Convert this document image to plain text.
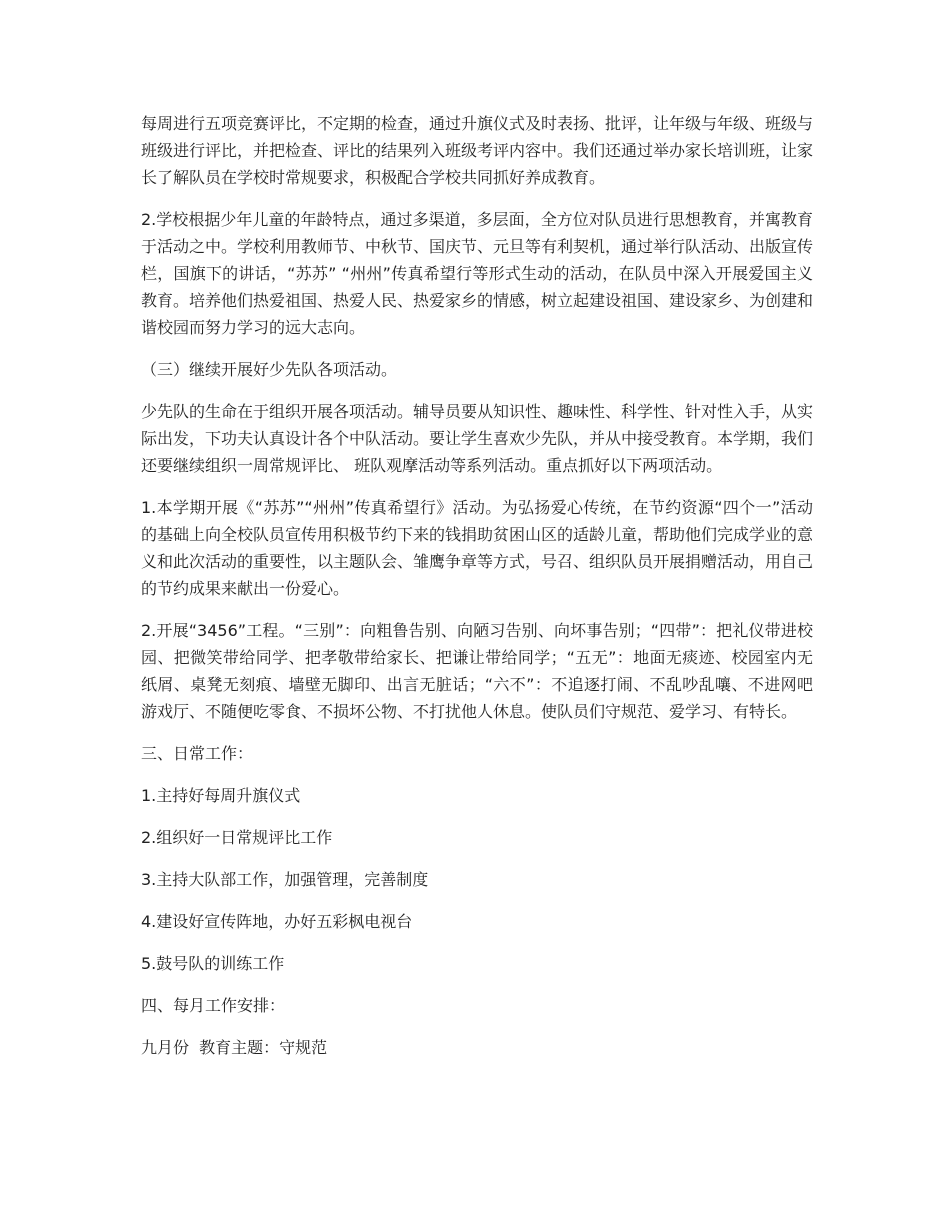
每周进行五项竞赛评比，不定期的检查，通过升旗仪式及时表扬、批评，让年级与年级、班级与班级进行评比，并把检查、评比的结果列入班级考评内容中。我们还通过举办家长培训班，让家长了解队员在学校时常规要求，积极配合学校共同抓好养成教育。

2.学校根据少年儿童的年龄特点，通过多渠道，多层面，全方位对队员进行思想教育，并寓教育于活动之中。学校利用教师节、中秋节、国庆节、元旦等有利契机，通过举行队活动、出版宣传栏，国旗下的讲话，“苏苏” “州州”传真希望行等形式生动的活动，在队员中深入开展爱国主义教育。培养他们热爱祖国、热爱人民、热爱家乡的情感，树立起建设祖国、建设家乡、为创建和谐校园而努力学习的远大志向。

（三）继续开展好少先队各项活动。

少先队的生命在于组织开展各项活动。辅导员要从知识性、趣味性、科学性、针对性入手，从实际出发，下功夫认真设计各个中队活动。要让学生喜欢少先队，并从中接受教育。本学期，我们还要继续组织一周常规评比、 班队观摩活动等系列活动。重点抓好以下两项活动。

1.本学期开展《“苏苏”“州州”传真希望行》活动。为弘扬爱心传统，在节约资源“四个一”活动的基础上向全校队员宣传用积极节约下来的钱捐助贫困山区的适龄儿童，帮助他们完成学业的意义和此次活动的重要性，以主题队会、雏鹰争章等方式，号召、组织队员开展捐赠活动，用自己的节约成果来献出一份爱心。

2.开展“3456”工程。“三别”：向粗鲁告别、向陋习告别、向坏事告别；“四带”：把礼仪带进校园、把微笑带给同学、把孝敬带给家长、把谦让带给同学；“五无”：地面无痰迹、校园室内无纸屑、桌凳无刻痕、墙壁无脚印、出言无脏话；“六不”：不追逐打闹、不乱吵乱嚷、不进网吧游戏厅、不随便吃零食、不损坏公物、不打扰他人休息。使队员们守规范、爱学习、有特长。

三、日常工作：

1.主持好每周升旗仪式

2.组织好一日常规评比工作

3.主持大队部工作，加强管理，完善制度

4.建设好宣传阵地，办好五彩枫电视台

5.鼓号队的训练工作

四、每月工作安排：

九月份  教育主题：守规范
